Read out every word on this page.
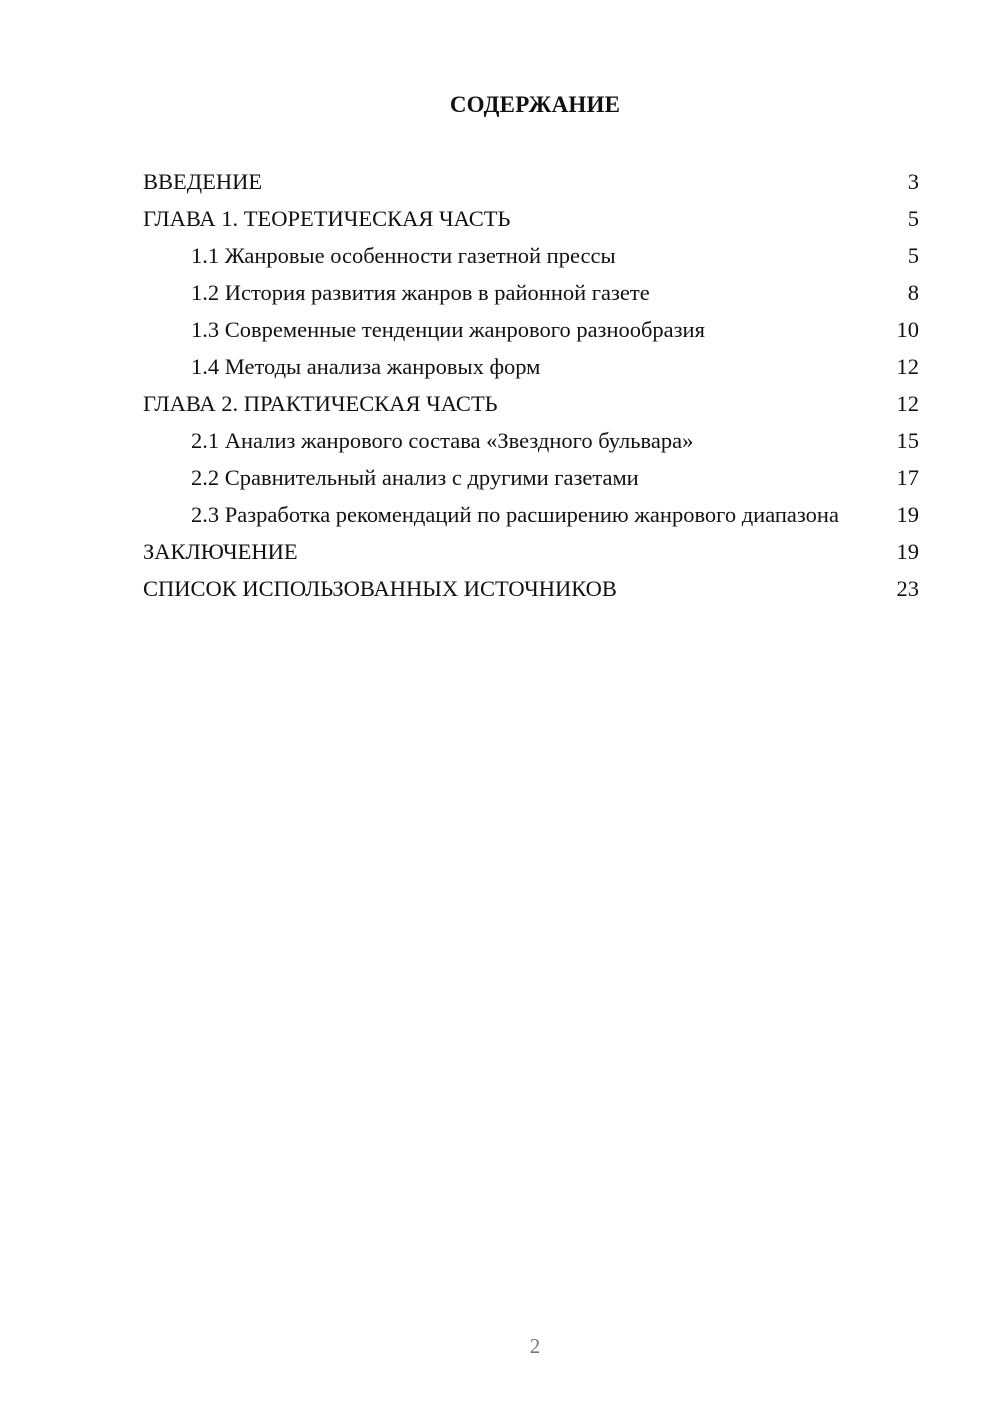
СОДЕРЖАНИЕ
ВВЕДЕНИЕ	3
ГЛАВА 1. ТЕОРЕТИЧЕСКАЯ ЧАСТЬ	5
1.1 Жанровые особенности газетной прессы	5
1.2 История развития жанров в районной газете	8
1.3 Современные тенденции жанрового разнообразия	10
1.4 Методы анализа жанровых форм	12
ГЛАВА 2. ПРАКТИЧЕСКАЯ ЧАСТЬ	12
2.1 Анализ жанрового состава «Звездного бульвара»	15
2.2 Сравнительный анализ с другими газетами	17
2.3 Разработка рекомендаций по расширению жанрового диапазона	19
ЗАКЛЮЧЕНИЕ	19
СПИСОК ИСПОЛЬЗОВАННЫХ ИСТОЧНИКОВ	23
2
